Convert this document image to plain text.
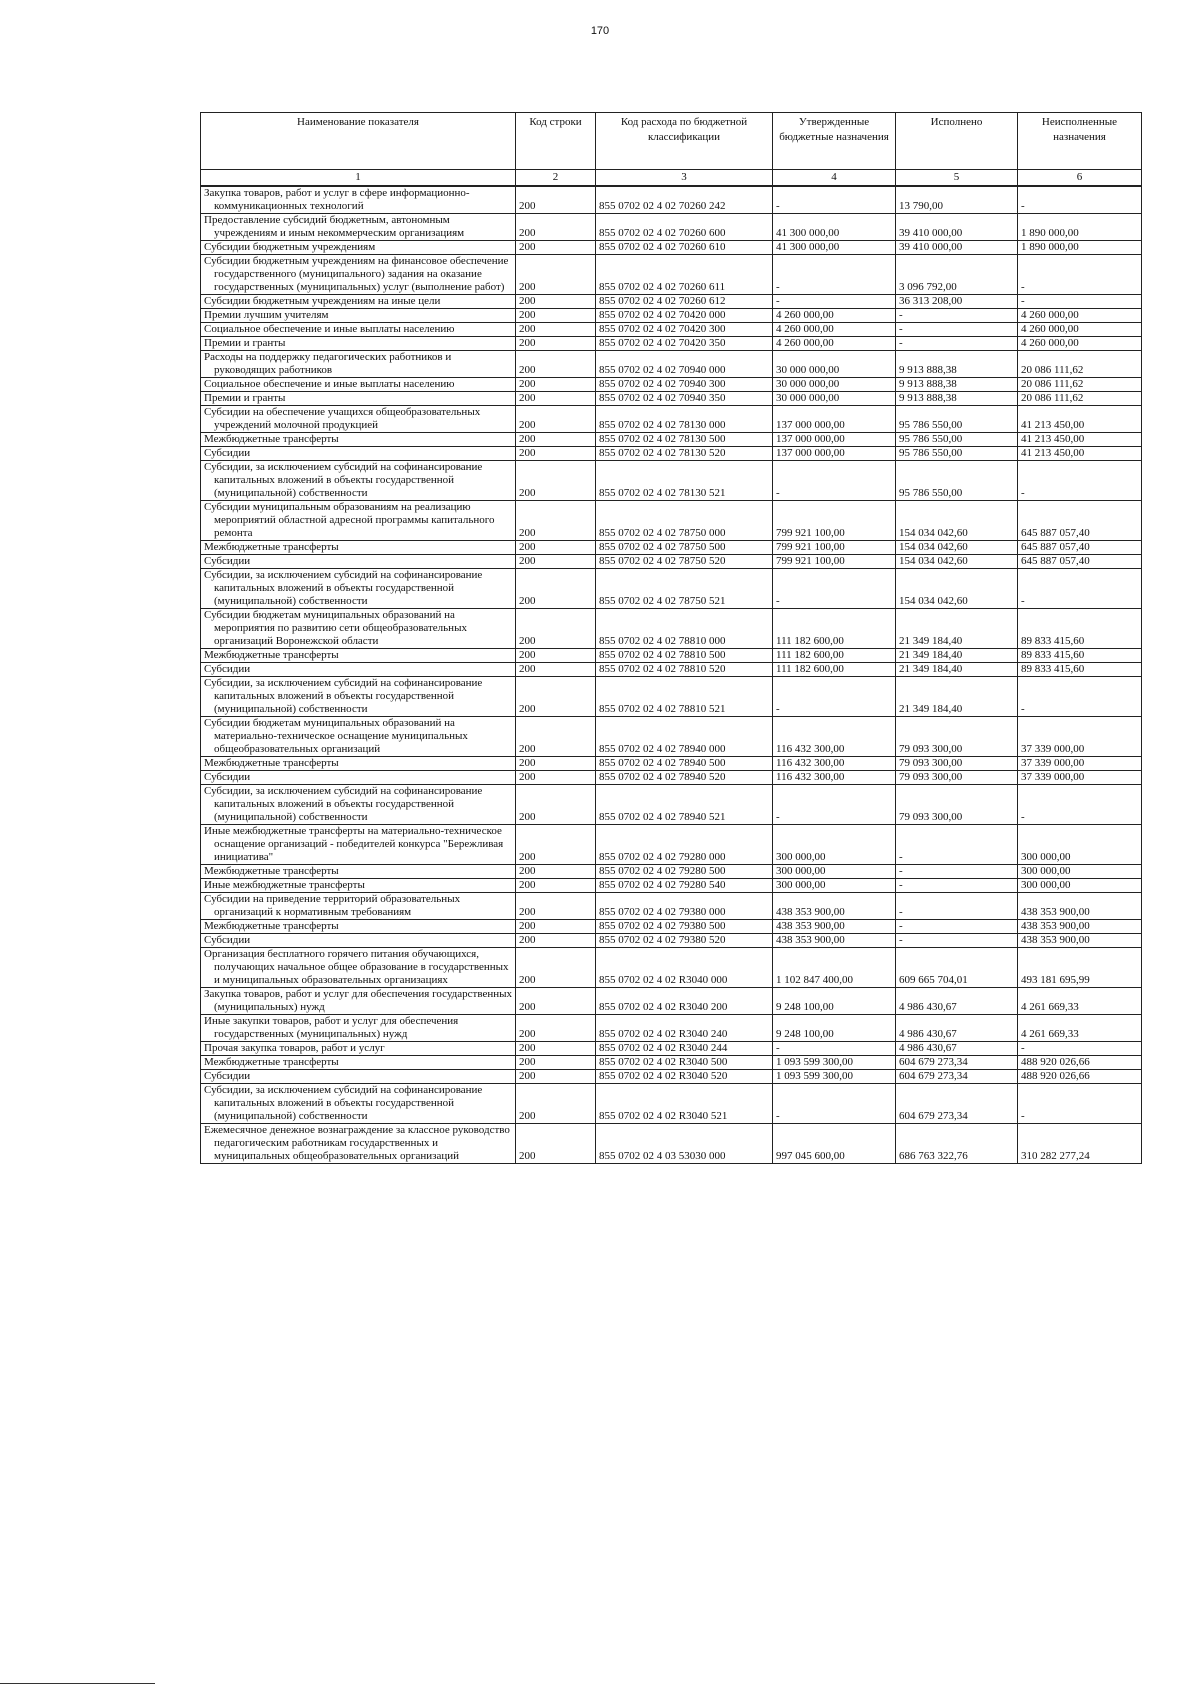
170
Наименование показателя	Код строки	Код расхода по бюджетной классификации	Утвержденные бюджетные назначения	Исполнено	Неисполненные назначения
1	2	3	4	5	6
Закупка товаров, работ и услуг в сфере информационно-коммуникационных технологий	200	855 0702 02 4 02 70260 242	-	13 790,00	-
Предоставление субсидий бюджетным, автономным учреждениям и иным некоммерческим организациям	200	855 0702 02 4 02 70260 600	41 300 000,00	39 410 000,00	1 890 000,00
Субсидии бюджетным учреждениям	200	855 0702 02 4 02 70260 610	41 300 000,00	39 410 000,00	1 890 000,00
Субсидии бюджетным учреждениям на финансовое обеспечение государственного (муниципального) задания на оказание государственных (муниципальных) услуг (выполнение работ)	200	855 0702 02 4 02 70260 611	-	3 096 792,00	-
Субсидии бюджетным учреждениям на иные цели	200	855 0702 02 4 02 70260 612	-	36 313 208,00	-
Премии лучшим учителям	200	855 0702 02 4 02 70420 000	4 260 000,00	-	4 260 000,00
Социальное обеспечение и иные выплаты населению	200	855 0702 02 4 02 70420 300	4 260 000,00	-	4 260 000,00
Премии и гранты	200	855 0702 02 4 02 70420 350	4 260 000,00	-	4 260 000,00
Расходы на поддержку педагогических работников и руководящих работников	200	855 0702 02 4 02 70940 000	30 000 000,00	9 913 888,38	20 086 111,62
Социальное обеспечение и иные выплаты населению	200	855 0702 02 4 02 70940 300	30 000 000,00	9 913 888,38	20 086 111,62
Премии и гранты	200	855 0702 02 4 02 70940 350	30 000 000,00	9 913 888,38	20 086 111,62
Субсидии на обеспечение учащихся общеобразовательных учреждений молочной продукцией	200	855 0702 02 4 02 78130 000	137 000 000,00	95 786 550,00	41 213 450,00
Межбюджетные трансферты	200	855 0702 02 4 02 78130 500	137 000 000,00	95 786 550,00	41 213 450,00
Субсидии	200	855 0702 02 4 02 78130 520	137 000 000,00	95 786 550,00	41 213 450,00
Субсидии, за исключением субсидий на софинансирование капитальных вложений в объекты государственной (муниципальной) собственности	200	855 0702 02 4 02 78130 521	-	95 786 550,00	-
Субсидии муниципальным образованиям на реализацию мероприятий областной адресной программы капитального ремонта	200	855 0702 02 4 02 78750 000	799 921 100,00	154 034 042,60	645 887 057,40
Межбюджетные трансферты	200	855 0702 02 4 02 78750 500	799 921 100,00	154 034 042,60	645 887 057,40
Субсидии	200	855 0702 02 4 02 78750 520	799 921 100,00	154 034 042,60	645 887 057,40
Субсидии, за исключением субсидий на софинансирование капитальных вложений в объекты государственной (муниципальной) собственности	200	855 0702 02 4 02 78750 521	-	154 034 042,60	-
Субсидии бюджетам муниципальных образований на мероприятия по развитию сети общеобразовательных организаций Воронежской области	200	855 0702 02 4 02 78810 000	111 182 600,00	21 349 184,40	89 833 415,60
Межбюджетные трансферты	200	855 0702 02 4 02 78810 500	111 182 600,00	21 349 184,40	89 833 415,60
Субсидии	200	855 0702 02 4 02 78810 520	111 182 600,00	21 349 184,40	89 833 415,60
Субсидии, за исключением субсидий на софинансирование капитальных вложений в объекты государственной (муниципальной) собственности	200	855 0702 02 4 02 78810 521	-	21 349 184,40	-
Субсидии бюджетам муниципальных образований на материально-техническое оснащение муниципальных общеобразовательных организаций	200	855 0702 02 4 02 78940 000	116 432 300,00	79 093 300,00	37 339 000,00
Межбюджетные трансферты	200	855 0702 02 4 02 78940 500	116 432 300,00	79 093 300,00	37 339 000,00
Субсидии	200	855 0702 02 4 02 78940 520	116 432 300,00	79 093 300,00	37 339 000,00
Субсидии, за исключением субсидий на софинансирование капитальных вложений в объекты государственной (муниципальной) собственности	200	855 0702 02 4 02 78940 521	-	79 093 300,00	-
Иные межбюджетные трансферты на материально-техническое оснащение организаций - победителей конкурса "Бережливая инициатива"	200	855 0702 02 4 02 79280 000	300 000,00	-	300 000,00
Межбюджетные трансферты	200	855 0702 02 4 02 79280 500	300 000,00	-	300 000,00
Иные межбюджетные трансферты	200	855 0702 02 4 02 79280 540	300 000,00	-	300 000,00
Субсидии на приведение территорий образовательных организаций к нормативным требованиям	200	855 0702 02 4 02 79380 000	438 353 900,00	-	438 353 900,00
Межбюджетные трансферты	200	855 0702 02 4 02 79380 500	438 353 900,00	-	438 353 900,00
Субсидии	200	855 0702 02 4 02 79380 520	438 353 900,00	-	438 353 900,00
Организация бесплатного горячего питания обучающихся, получающих начальное общее образование в государственных и муниципальных образовательных организациях	200	855 0702 02 4 02 R3040 000	1 102 847 400,00	609 665 704,01	493 181 695,99
Закупка товаров, работ и услуг для обеспечения государственных (муниципальных) нужд	200	855 0702 02 4 02 R3040 200	9 248 100,00	4 986 430,67	4 261 669,33
Иные закупки товаров, работ и услуг для обеспечения государственных (муниципальных) нужд	200	855 0702 02 4 02 R3040 240	9 248 100,00	4 986 430,67	4 261 669,33
Прочая закупка товаров, работ и услуг	200	855 0702 02 4 02 R3040 244	-	4 986 430,67	-
Межбюджетные трансферты	200	855 0702 02 4 02 R3040 500	1 093 599 300,00	604 679 273,34	488 920 026,66
Субсидии	200	855 0702 02 4 02 R3040 520	1 093 599 300,00	604 679 273,34	488 920 026,66
Субсидии, за исключением субсидий на софинансирование капитальных вложений в объекты государственной (муниципальной) собственности	200	855 0702 02 4 02 R3040 521	-	604 679 273,34	-
Ежемесячное денежное вознаграждение за классное руководство педагогическим работникам государственных и муниципальных общеобразовательных организаций	200	855 0702 02 4 03 53030 000	997 045 600,00	686 763 322,76	310 282 277,24
